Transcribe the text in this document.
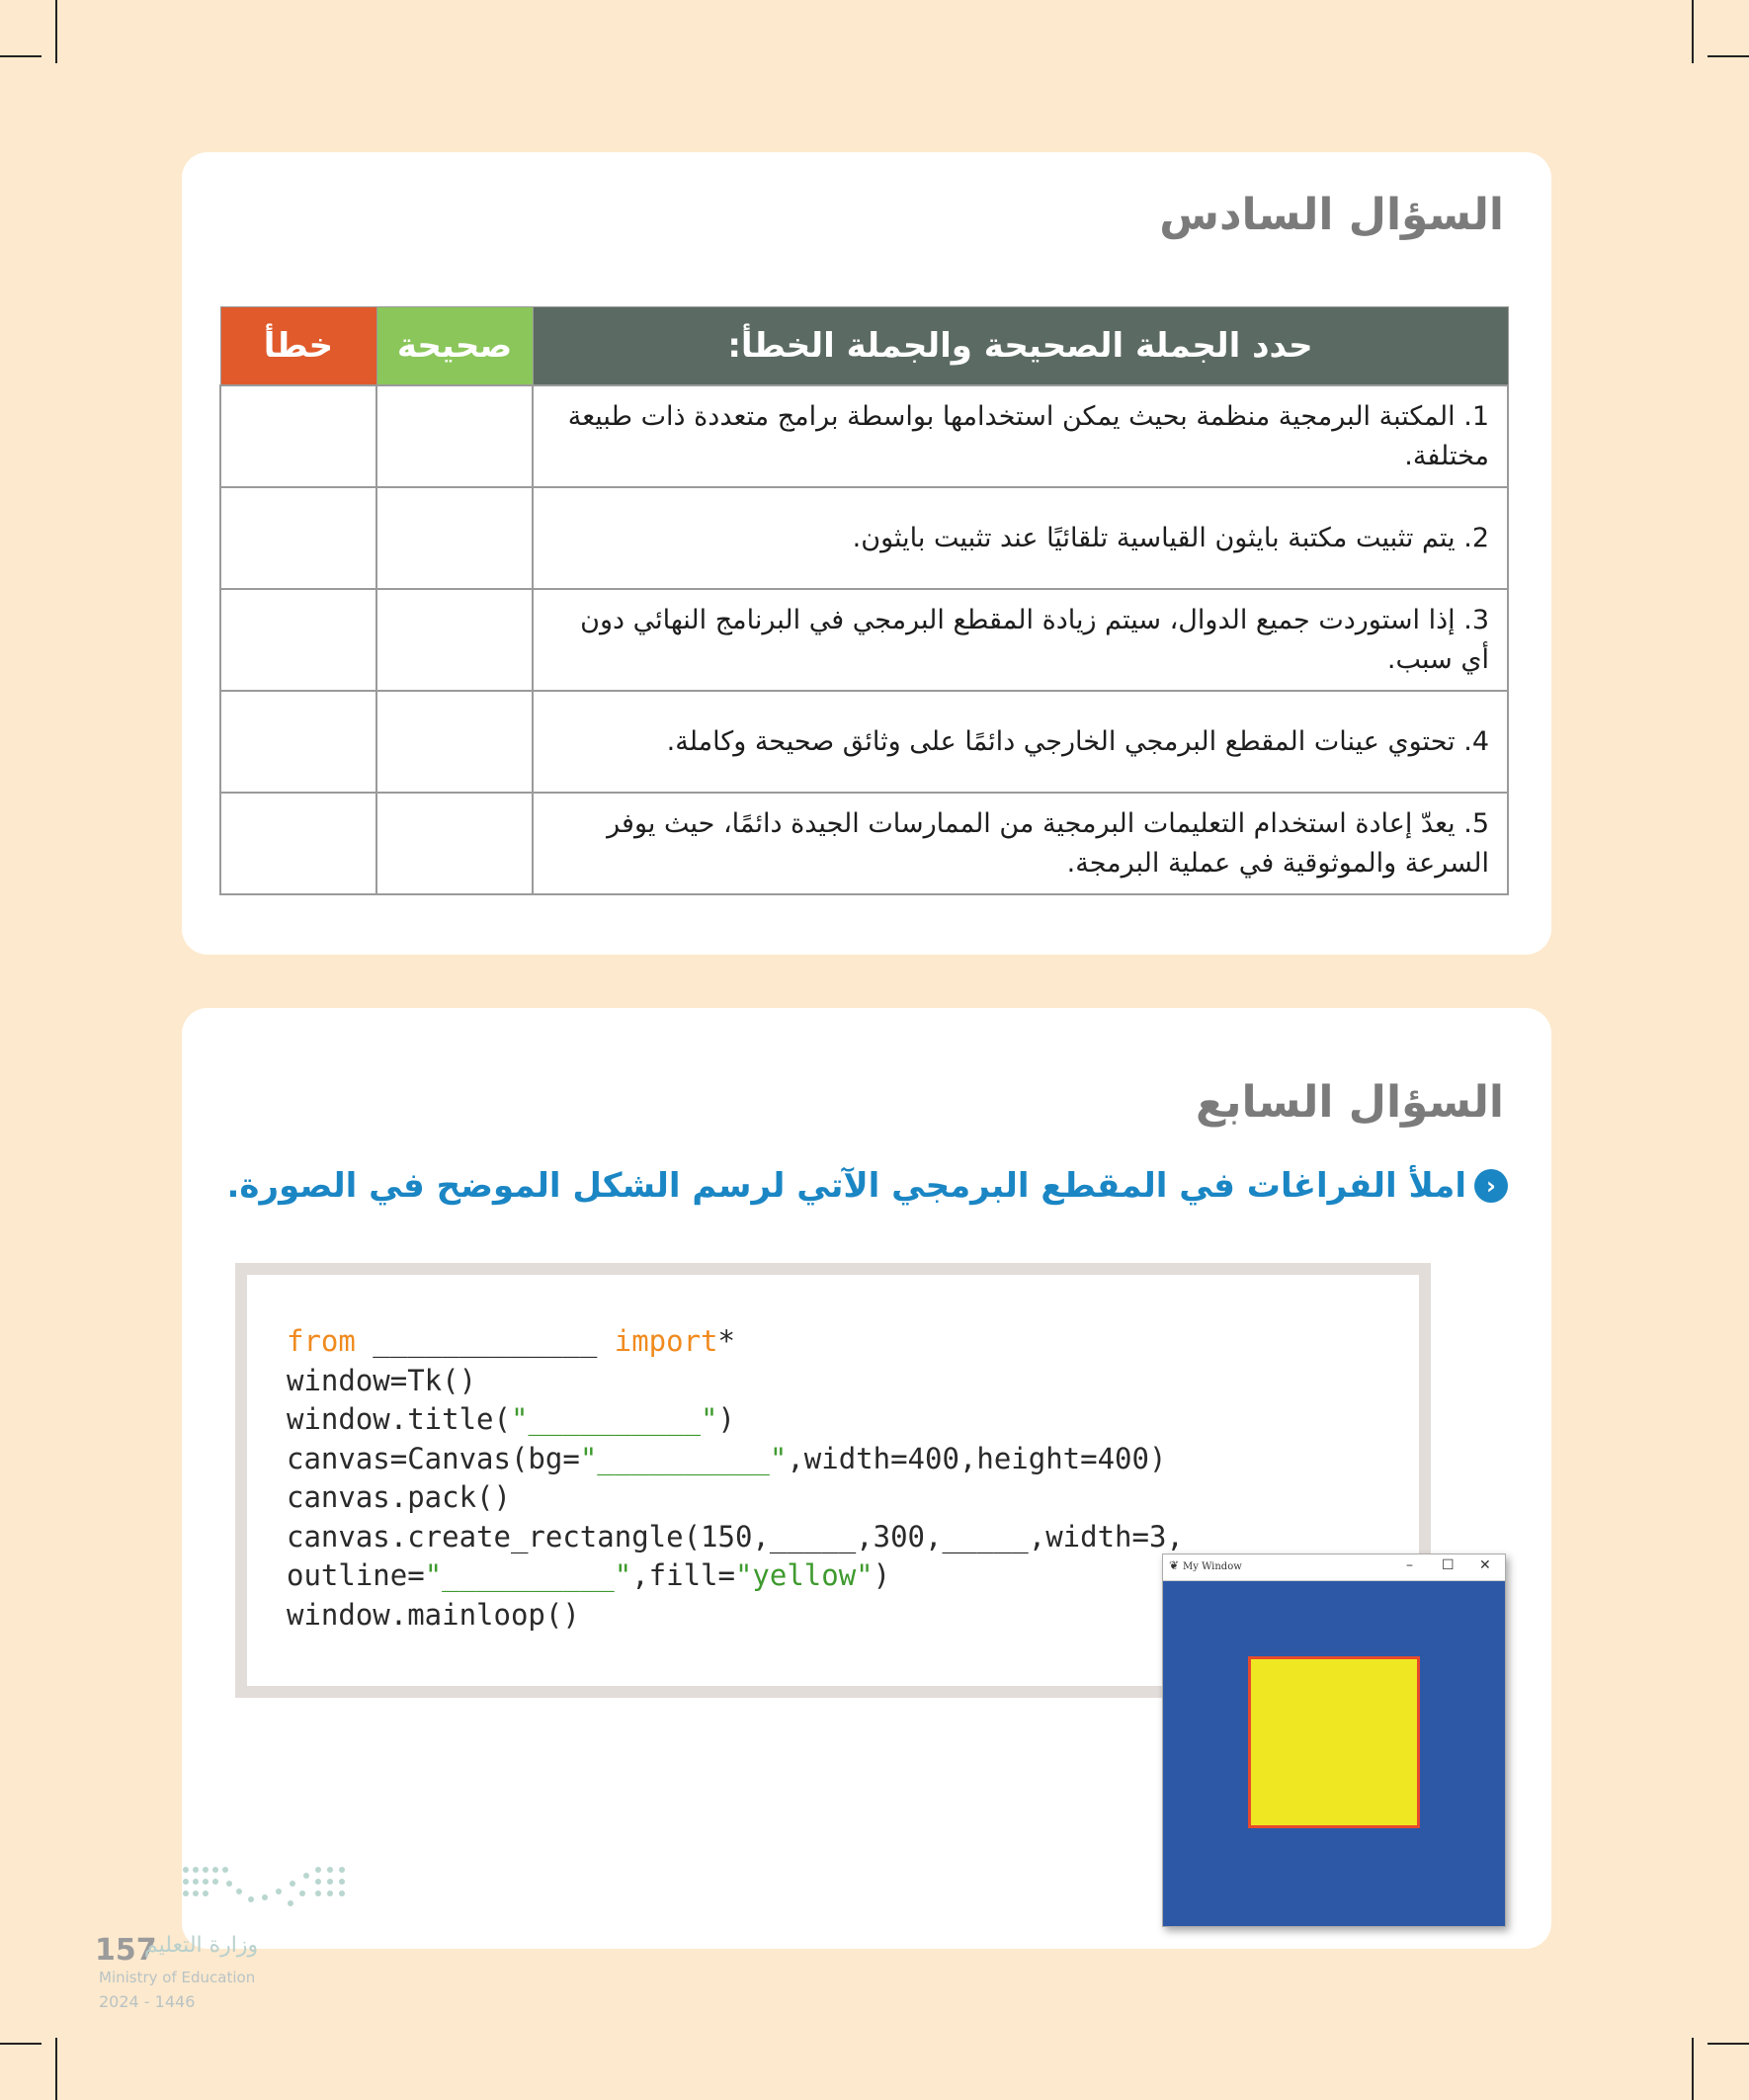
السؤال السادس
حدد الجملة الصحيحة والجملة الخطأ:	صحيحة	خطأ
1. المكتبة البرمجية منظمة بحيث يمكن استخدامها بواسطة برامج متعددة ذات طبيعة مختلفة.		
2. يتم تثبيت مكتبة بايثون القياسية تلقائيًا عند تثبيت بايثون.		
3. إذا استوردت جميع الدوال، سيتم زيادة المقطع البرمجي في البرنامج النهائي دون أي سبب.		
4. تحتوي عينات المقطع البرمجي الخارجي دائمًا على وثائق صحيحة وكاملة.		
5. يعدّ إعادة استخدام التعليمات البرمجية من الممارسات الجيدة دائمًا، حيث يوفر السرعة والموثوقية في عملية البرمجة.		
السؤال السابع
‹
املأ الفراغات في المقطع البرمجي الآتي لرسم الشكل الموضح في الصورة.
from _____________ import*
window=Tk()
window.title("__________")
canvas=Canvas(bg="__________",width=400,height=400)
canvas.pack()
canvas.create_rectangle(150,_____,300,_____,width=3,
outline="__________",fill="yellow")
window.mainloop()
❦ My Window	– ☐ ✕
157
وزارة التعليم
Ministry of Education
2024 - 1446
